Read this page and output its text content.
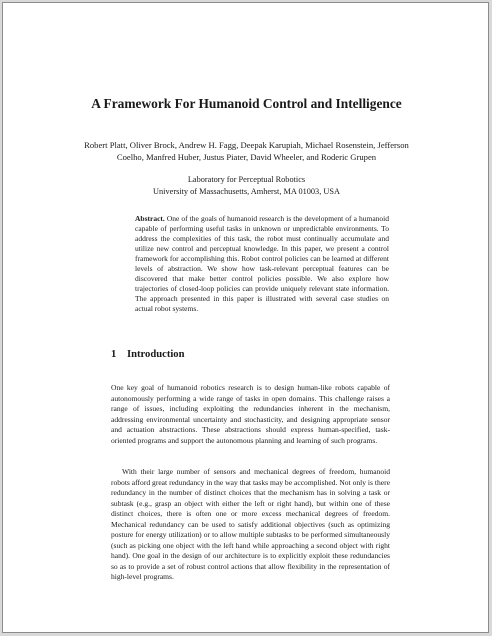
A Framework For Humanoid Control and Intelligence
Robert Platt, Oliver Brock, Andrew H. Fagg, Deepak Karupiah, Michael Rosenstein, Jefferson Coelho, Manfred Huber, Justus Piater, David Wheeler, and Roderic Grupen
Laboratory for Perceptual Robotics
University of Massachusetts, Amherst, MA 01003, USA

Abstract. One of the goals of humanoid research is the development of a humanoid capable of performing useful tasks in unknown or unpredictable environments. To address the complexities of this task, the robot must continually accumulate and utilize new control and perceptual knowledge. In this paper, we present a control framework for accomplishing this. Robot control policies can be learned at different levels of abstraction. We show how task-relevant perceptual features can be discovered that make better control policies possible. We also explore how trajectories of closed-loop policies can provide uniquely relevant state information. The approach presented in this paper is illustrated with several case studies on actual robot systems.

1 Introduction

One key goal of humanoid robotics research is to design human-like robots capable of autonomously performing a wide range of tasks in open domains. This challenge raises a range of issues, including exploiting the redundancies inherent in the mechanism, addressing environmental uncertainty and stochasticity, and designing appropriate sensor and actuation abstractions. These abstractions should express human-specified, task-oriented programs and support the autonomous planning and learning of such programs.

With their large number of sensors and mechanical degrees of freedom, humanoid robots afford great redundancy in the way that tasks may be accomplished. Not only is there redundancy in the number of distinct choices that the mechanism has in solving a task or subtask (e.g., grasp an object with either the left or right hand), but within one of these distinct choices, there is often one or more excess mechanical degrees of freedom. Mechanical redundancy can be used to satisfy additional objectives (such as optimizing posture for energy utilization) or to allow multiple subtasks to be performed simultaneously (such as picking one object with the left hand while approaching a second object with right hand). One goal in the design of our architecture is to explicitly exploit these redundancies so as to provide a set of robust control actions that allow flexibility in the representation of high-level programs.
